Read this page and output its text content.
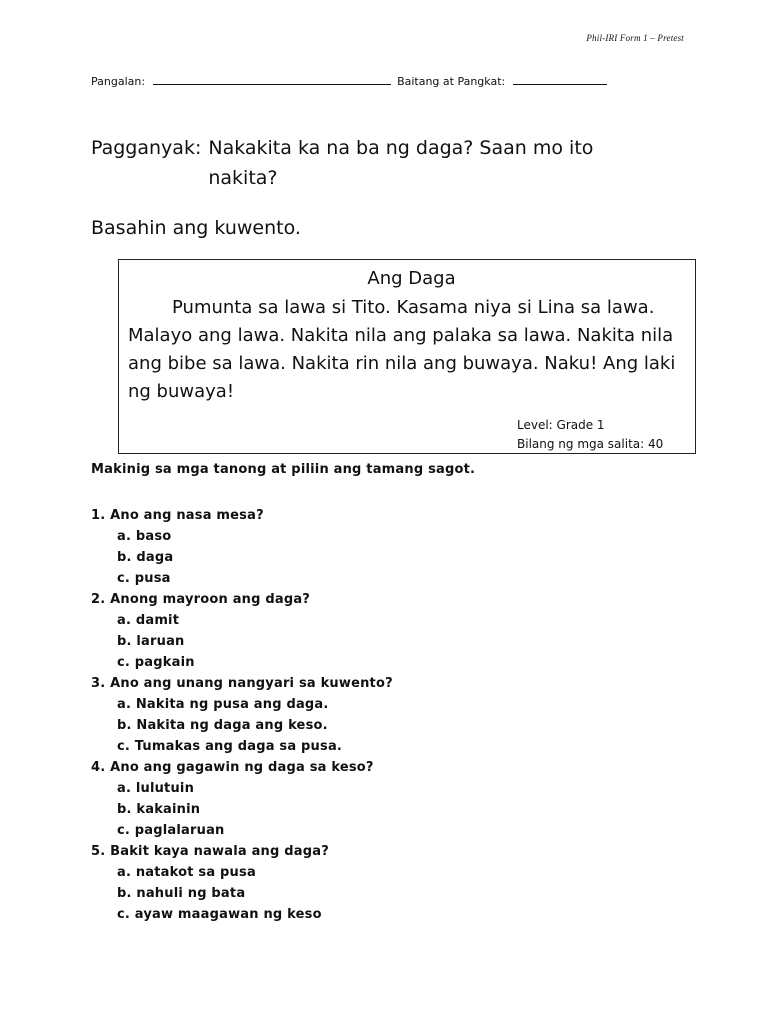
Phil-IRI Form 1 – Pretest
Pangalan:	Baitang at Pangkat:
Pagganyak: Nakakita ka na ba ng daga? Saan mo ito nakita?
Basahin ang kuwento.
Ang Daga

Pumunta sa lawa si Tito. Kasama niya si Lina sa lawa. Malayo ang lawa. Nakita nila ang palaka sa lawa. Nakita nila ang bibe sa lawa. Nakita rin nila ang buwaya. Naku! Ang laki ng buwaya!

Level: Grade 1
Bilang ng mga salita: 40
Makinig sa mga tanong at piliin ang tamang sagot.
1. Ano ang nasa mesa?
a. baso
b. daga
c. pusa
2. Anong mayroon ang daga?
a. damit
b. laruan
c. pagkain
3. Ano ang unang nangyari sa kuwento?
a. Nakita ng pusa ang daga.
b. Nakita ng daga ang keso.
c. Tumakas ang daga sa pusa.
4. Ano ang gagawin ng daga sa keso?
a. lulutuin
b. kakainin
c. paglalaruan
5. Bakit kaya nawala ang daga?
a. natakot sa pusa
b. nahuli ng bata
c. ayaw maagawan ng keso
